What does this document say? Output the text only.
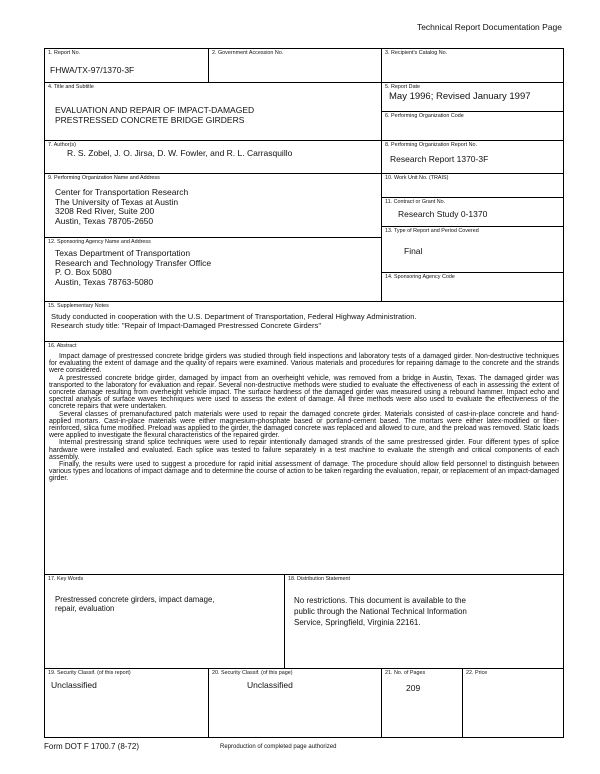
Technical Report Documentation Page
1. Report No.
FHWA/TX-97/1370-3F
2. Government Accession No.	3. Recipient's Catalog No.
4. Title and Subtitle
EVALUATION AND REPAIR OF IMPACT-DAMAGED
PRESTRESSED CONCRETE BRIDGE GIRDERS
5. Report Date
May 1996; Revised January 1997
6. Performing Organization Code
7. Author(s)
R. S. Zobel, J. O. Jirsa, D. W. Fowler, and R. L. Carrasquillo
8. Performing Organization Report No.
Research Report 1370-3F
9. Performing Organization Name and Address
Center for Transportation Research
The University of Texas at Austin
3208 Red River, Suite 200
Austin, Texas 78705-2650
10. Work Unit No. (TRAIS)
11. Contract or Grant No.
Research Study 0-1370
12. Sponsoring Agency Name and Address
Texas Department of Transportation
Research and Technology Transfer Office
P. O. Box 5080
Austin, Texas 78763-5080
13. Type of Report and Period Covered
Final
14. Sponsoring Agency Code
15. Supplementary Notes
Study conducted in cooperation with the U.S. Department of Transportation, Federal Highway Administration.
Research study title: "Repair of Impact-Damaged Prestressed Concrete Girders"
16. Abstract

Impact damage of prestressed concrete bridge girders was studied through field inspections and laboratory tests of a damaged girder. Non-destructive techniques for evaluating the extent of damage and the quality of repairs were examined. Various materials and procedures for repairing damage to the concrete and the strands were considered.

A prestressed concrete bridge girder, damaged by impact from an overheight vehicle, was removed from a bridge in Austin, Texas. The damaged girder was transported to the laboratory for evaluation and repair. Several non-destructive methods were studied to evaluate the effectiveness of each in assessing the extent of concrete damage resulting from overheight vehicle impact. The surface hardness of the damaged girder was measured using a rebound hammer. Impact echo and spectral analysis of surface waves techniques were used to assess the extent of damage. All three methods were also used to evaluate the effectiveness of the concrete repairs that were undertaken.

Several classes of premanufactured patch materials were used to repair the damaged concrete girder. Materials consisted of cast-in-place concrete and hand-applied mortars. Cast-in-place materials were either magnesium-phosphate based or portland-cement based. The mortars were either latex-modified or fiber-reinforced, silica fume modified. Preload was applied to the girder, the damaged concrete was replaced and allowed to cure, and the preload was removed. Static loads were applied to investigate the flexural characteristics of the repaired girder.

Internal prestressing strand splice techniques were used to repair intentionally damaged strands of the same prestressed girder. Four different types of splice hardware were installed and evaluated. Each splice was tested to failure separately in a test machine to evaluate the strength and critical components of each assembly.

Finally, the results were used to suggest a procedure for rapid initial assessment of damage. The procedure should allow field personnel to distinguish between various types and locations of impact damage and to determine the course of action to be taken regarding the evaluation, repair, or replacement of an impact-damaged girder.

17. Key Words
Prestressed concrete girders, impact damage,
repair, evaluation
18. Distribution Statement
No restrictions. This document is available to the
public through the National Technical Information
Service, Springfield, Virginia 22161.
19. Security Classif. (of this report)
Unclassified
20. Security Classif. (of this page)
Unclassified
21. No. of Pages
209
22. Price
Form DOT F 1700.7 (8-72)	Reproduction of completed page authorized
